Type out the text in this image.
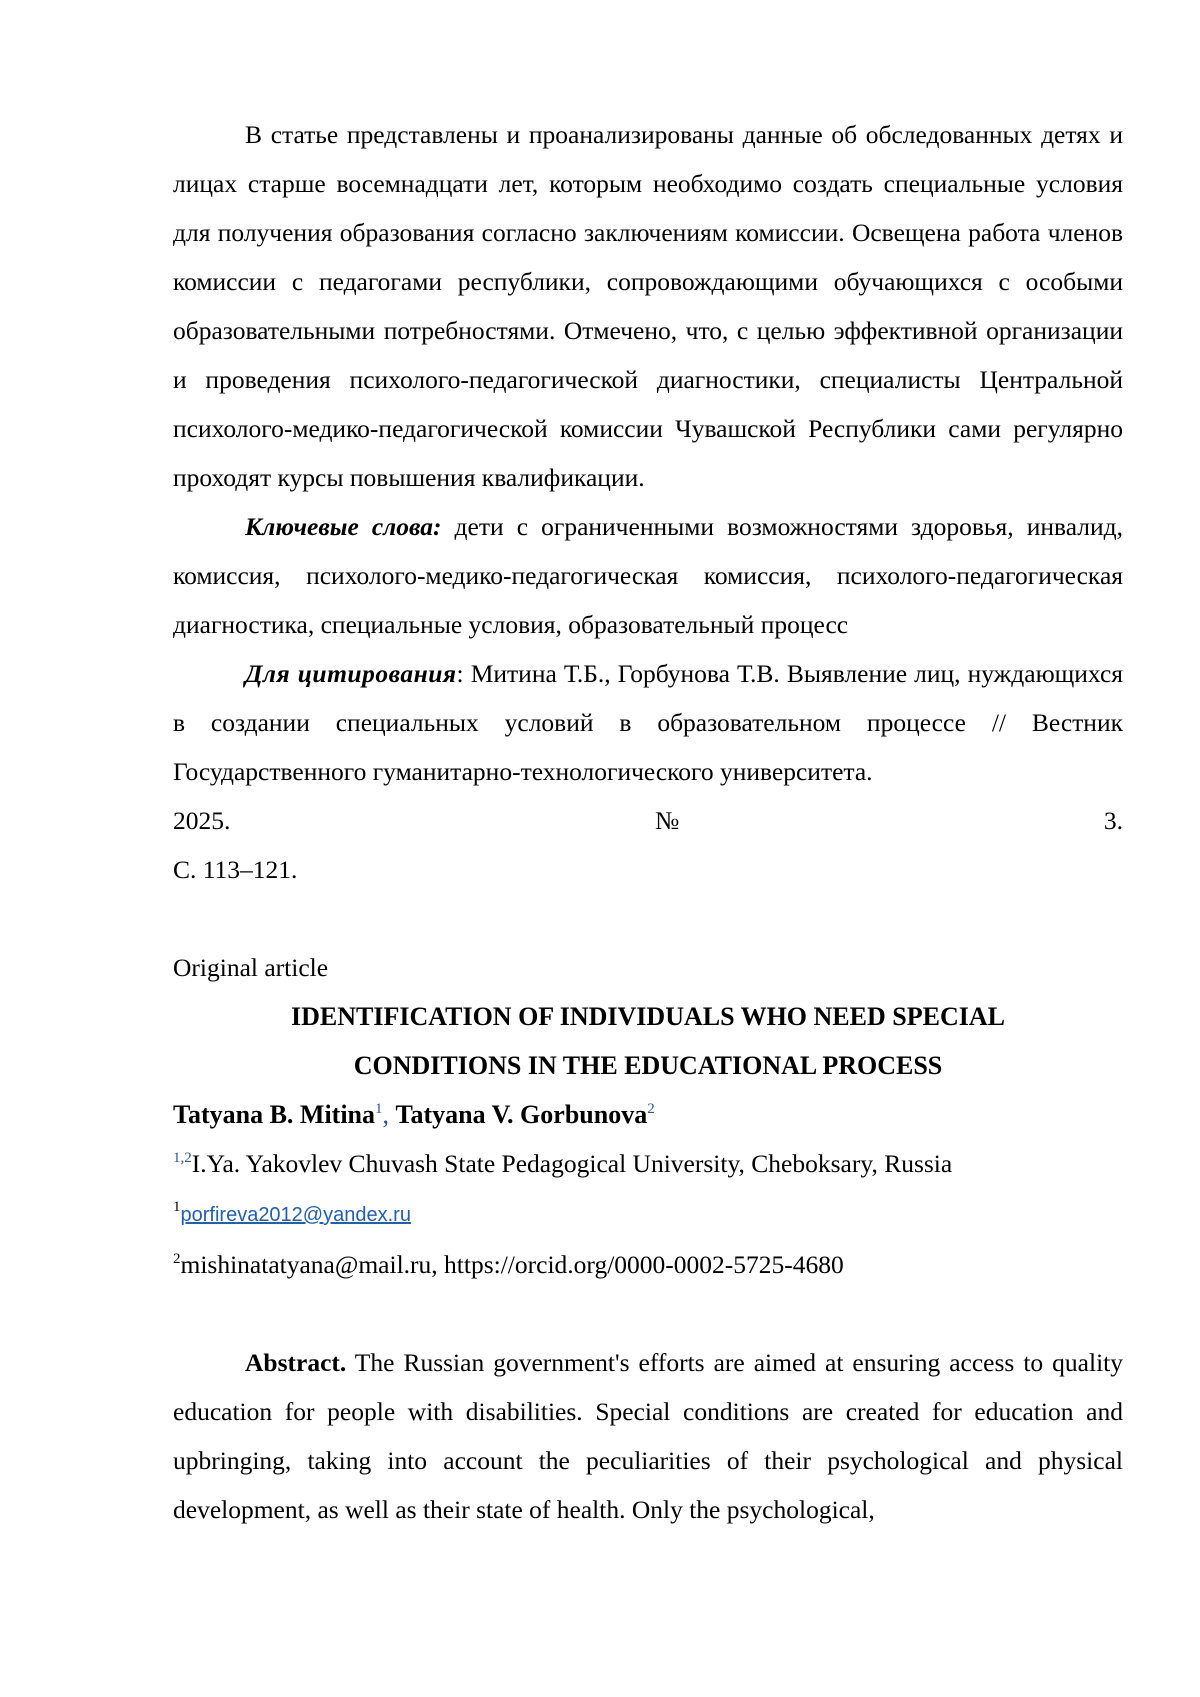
В статье представлены и проанализированы данные об обследованных детях и лицах старше восемнадцати лет, которым необходимо создать специальные условия для получения образования согласно заключениям комиссии. Освещена работа членов комиссии с педагогами республики, сопровождающими обучающихся с особыми образовательными потребностями. Отмечено, что, с целью эффективной организации и проведения психолого-педагогической диагностики, специалисты Центральной психолого-медико-педагогической комиссии Чувашской Республики сами регулярно проходят курсы повышения квалификации.

Ключевые слова: дети с ограниченными возможностями здоровья, инвалид, комиссия, психолого-медико-педагогическая комиссия, психолого-педагогическая диагностика, специальные условия, образовательный процесс

Для цитирования: Митина Т.Б., Горбунова Т.В. Выявление лиц, нуждающихся в создании специальных условий в образовательном процессе // Вестник Государственного гуманитарно-технологического университета.

2025.	№	3.

С. 113–121.

Original article

IDENTIFICATION OF INDIVIDUALS WHO NEED SPECIAL

CONDITIONS IN THE EDUCATIONAL PROCESS

Tatyana B. Mitina1, Tatyana V. Gorbunova2

1,2I.Ya. Yakovlev Chuvash State Pedagogical University, Cheboksary, Russia

1porfireva2012@yandex.ru

2mishinatatyana@mail.ru, https://orcid.org/0000-0002-5725-4680

Abstract. The Russian government's efforts are aimed at ensuring access to quality education for people with disabilities. Special conditions are created for education and upbringing, taking into account the peculiarities of their psychological and physical development, as well as their state of health. Only the psychological,
